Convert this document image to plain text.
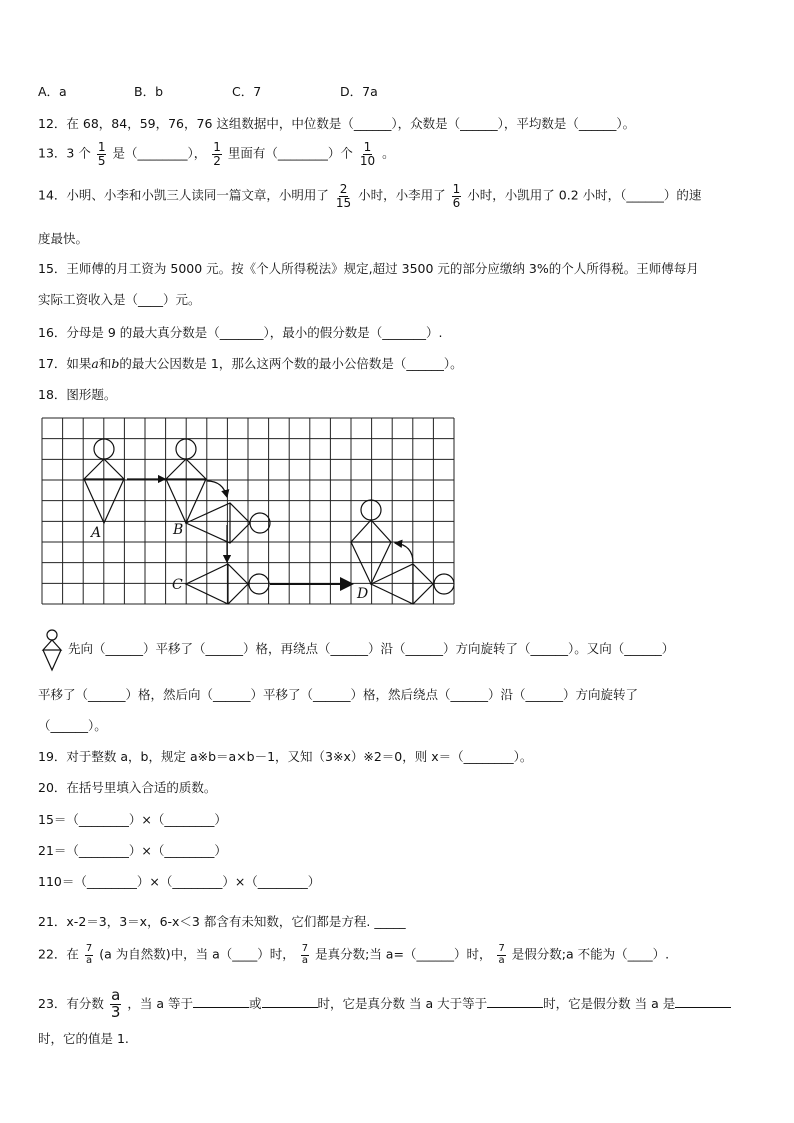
A．a	B．b	C．7	D．7a
12．在 68，84，59，76，76 这组数据中，中位数是（______），众数是（______），平均数是（______）。
13．3 个 $\frac{1}{5}$ 是（________）， $\frac{1}{2}$ 里面有（________）个 $\frac{1}{10}$ 。
14．小明、小李和小凯三人读同一篇文章，小明用了 $\frac{2}{15}$ 小时，小李用了 $\frac{1}{6}$ 小时，小凯用了 0.2 小时，（______）的速
度最快。
15．王师傅的月工资为 5000 元。按《个人所得税法》规定,超过 3500 元的部分应缴纳 3%的个人所得税。王师傅每月
实际工资收入是（____）元。
16．分母是 9 的最大真分数是（_______），最小的假分数是（_______）.
17．如果a和b的最大公因数是 1，那么这两个数的最小公倍数是（______）。
18．图形题。
A	B
C
D
先向（______）平移了（______）格，再绕点（______）沿（______）方向旋转了（______）。又向（______）
平移了（______）格，然后向（______）平移了（______）格，然后绕点（______）沿（______）方向旋转了
（______）。
19．对于整数 a，b，规定 a※b＝a×b－1，又知（3※x）※2＝0，则 x＝（________）。
20．在括号里填入合适的质数。
15＝（________）×（________）
21＝（________）×（________）
110＝（________）×（________）×（________）
21．x-2＝3，3＝x，6-x＜3 都含有未知数，它们都是方程. _____
22．在 $\frac{7}{a} (a$ 为自然数)中，当 a（____）时， $\frac{7}{a}$ 是真分数;当 a=（______）时， $\frac{7}{a}$ 是假分数;a 不能为（____）.
23．有分数 $\frac{a}{3}$ ，当 a 等于	或	时，它是真分数 当 a 大于等于	时，它是假分数 当 a 是
时，它的值是 1.
